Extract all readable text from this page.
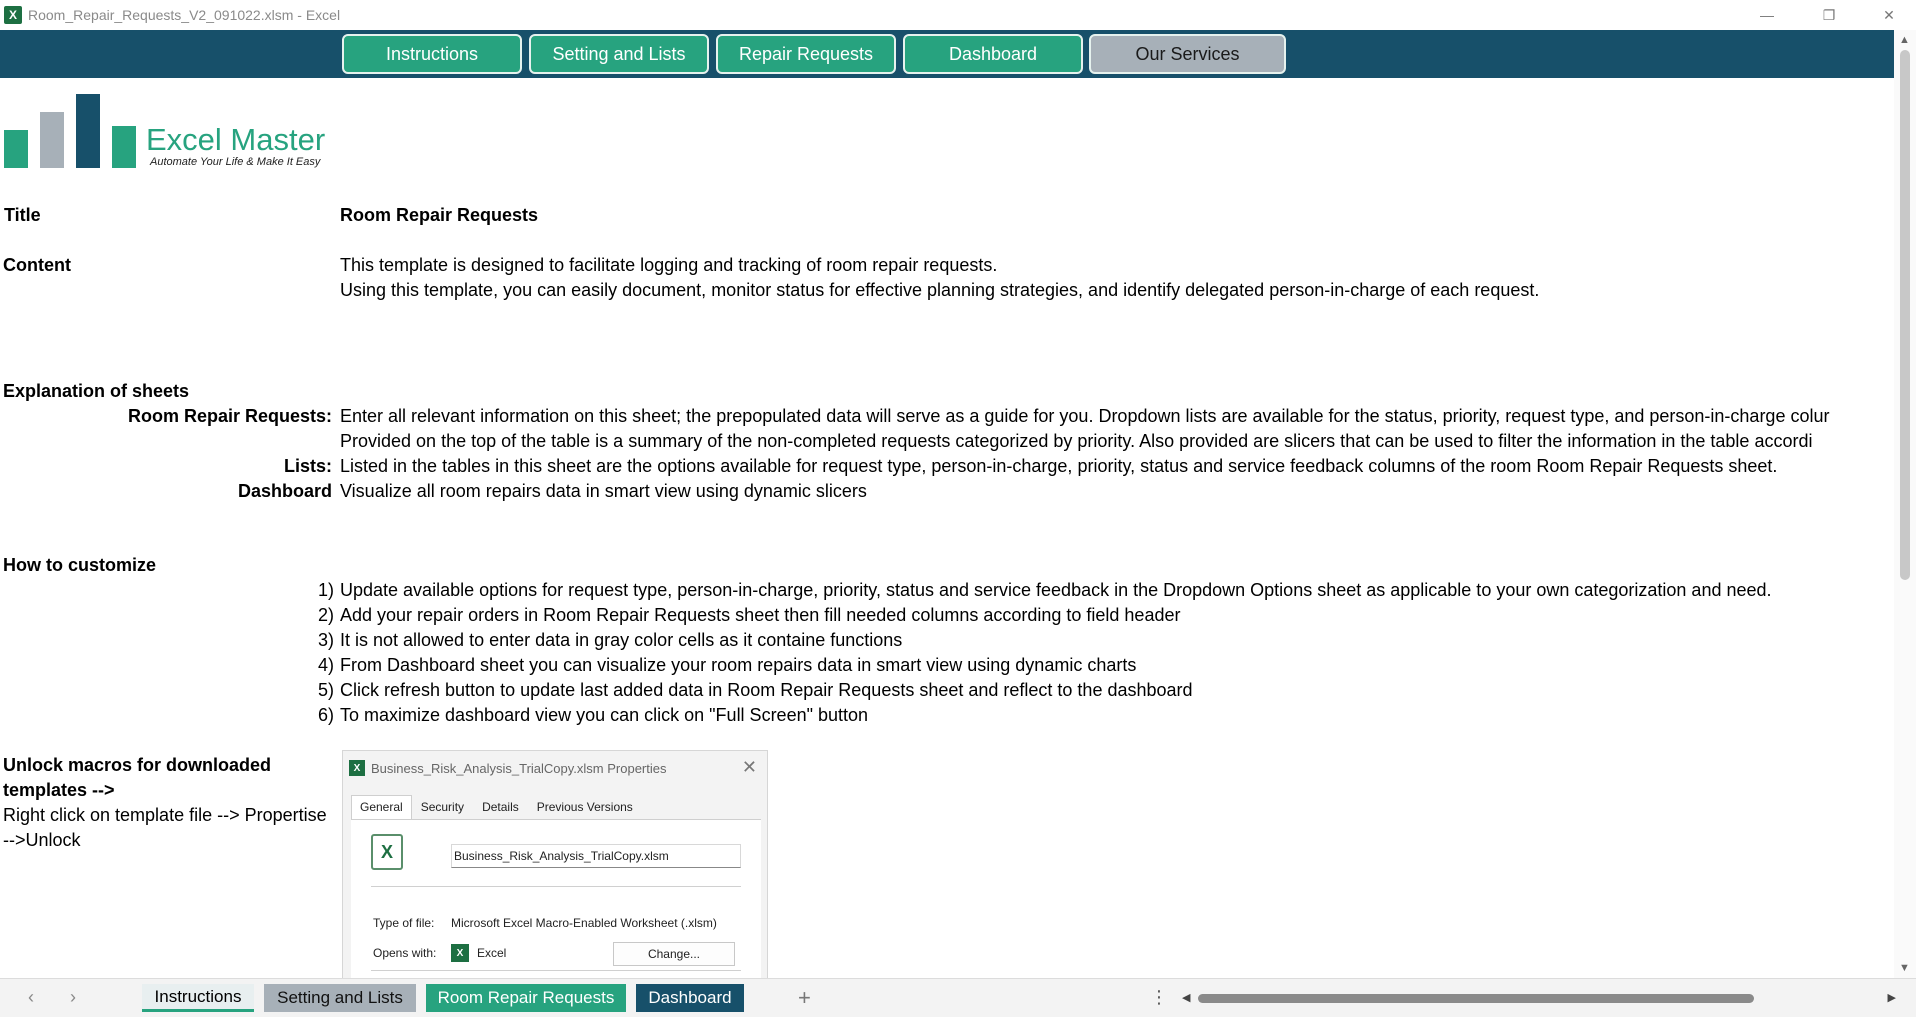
X Room_Repair_Requests_V2_091022.xlsm - Excel	—	❐	✕
Instructions	Setting and Lists	Repair Requests	Dashboard	Our Services
Excel Master
Automate Your Life & Make It Easy
Title	Room Repair Requests
Content	This template is designed to facilitate logging and tracking of room repair requests.
Using this template, you can easily document, monitor status for effective planning strategies, and identify delegated person-in-charge of each request.
Explanation of sheets
Room Repair Requests: Enter all relevant information on this sheet; the prepopulated data will serve as a guide for you. Dropdown lists are available for the status, priority, request type, and person-in-charge colur
Provided on the top of the table is a summary of the non-completed requests categorized by priority. Also provided are slicers that can be used to filter the information in the table accordi
Lists: Listed in the tables in this sheet are the options available for request type, person-in-charge, priority, status and service feedback columns of the room Room Repair Requests sheet.
Dashboard Visualize all room repairs data in smart view using dynamic slicers
How to customize
1) Update available options for request type, person-in-charge, priority, status and service feedback in the Dropdown Options sheet as applicable to your own categorization and need.
2) Add your repair orders in Room Repair Requests sheet then fill needed columns according to field header
3) It is not allowed to enter data in gray color cells as it containe functions
4) From Dashboard sheet you can visualize your room repairs data in smart view using dynamic charts
5) Click refresh button to update last added data in Room Repair Requests sheet and reflect to the dashboard
6) To maximize dashboard view you can click on "Full Screen" button
Unlock macros for downloaded
templates -->
Right click on template file --> Propertise
-->Unlock
X Business_Risk_Analysis_TrialCopy.xlsm Properties	✕
General	Security	Details	Previous Versions
X	Business_Risk_Analysis_TrialCopy.xlsm
Type of file: Microsoft Excel Macro-Enabled Worksheet (.xlsm)
Opens with:	X	Excel	Change...
▲
▼
‹ ›	Instructions	Setting and Lists	Room Repair Requests	Dashboard	+	⋮ ◀	▶
